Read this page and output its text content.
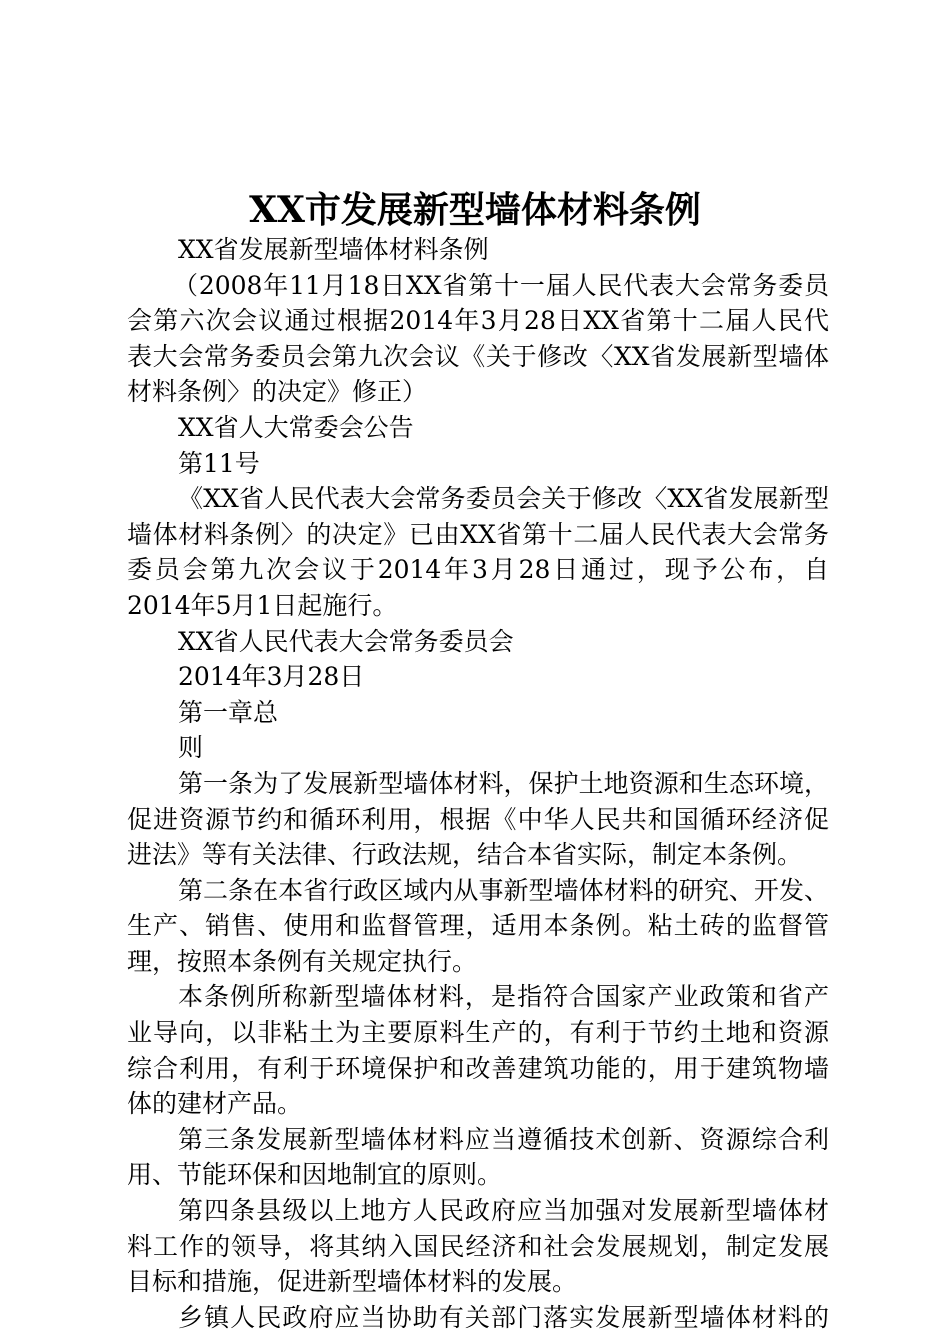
XX市发展新型墙体材料条例
XX省发展新型墙体材料条例
（2008年11月18日XX省第十一届人民代表大会常务委员
会第六次会议通过根据2014年3月28日XX省第十二届人民代
表大会常务委员会第九次会议《关于修改〈XX省发展新型墙体
材料条例〉的决定》修正）
XX省人大常委会公告
第11号
《XX省人民代表大会常务委员会关于修改〈XX省发展新型
墙体材料条例〉的决定》已由XX省第十二届人民代表大会常务
委员会第九次会议于2014年3月28日通过，现予公布，自
2014年5月1日起施行。
XX省人民代表大会常务委员会
2014年3月28日
第一章总
则
第一条为了发展新型墙体材料，保护土地资源和生态环境，
促进资源节约和循环利用，根据《中华人民共和国循环经济促
进法》等有关法律、行政法规，结合本省实际，制定本条例。
第二条在本省行政区域内从事新型墙体材料的研究、开发、
生产、销售、使用和监督管理，适用本条例。粘土砖的监督管
理，按照本条例有关规定执行。
本条例所称新型墙体材料，是指符合国家产业政策和省产
业导向，以非粘土为主要原料生产的，有利于节约土地和资源
综合利用，有利于环境保护和改善建筑功能的，用于建筑物墙
体的建材产品。
第三条发展新型墙体材料应当遵循技术创新、资源综合利
用、节能环保和因地制宜的原则。
第四条县级以上地方人民政府应当加强对发展新型墙体材
料工作的领导，将其纳入国民经济和社会发展规划，制定发展
目标和措施，促进新型墙体材料的发展。
乡镇人民政府应当协助有关部门落实发展新型墙体材料的
